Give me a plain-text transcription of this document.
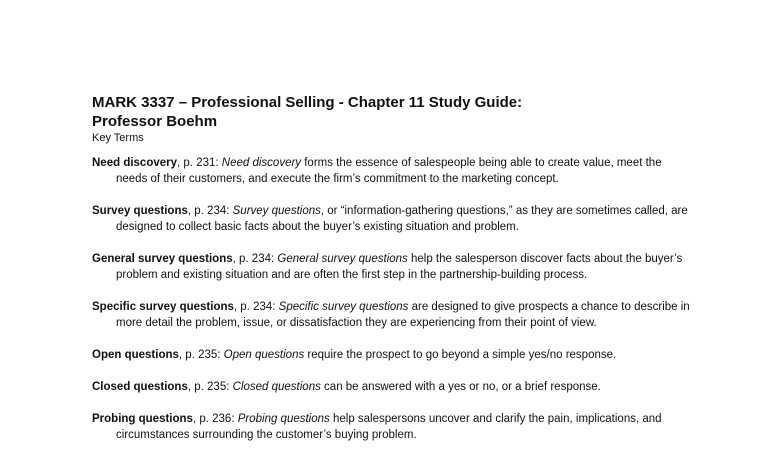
MARK 3337 – Professional Selling - Chapter 11 Study Guide:

Professor Boehm

Key Terms

Need discovery, p. 231: Need discovery forms the essence of salespeople being able to create value, meet the needs of their customers, and execute the firm’s commitment to the marketing concept.

Survey questions, p. 234: Survey questions, or “information-gathering questions,” as they are sometimes called, are designed to collect basic facts about the buyer’s existing situation and problem.

General survey questions, p. 234: General survey questions help the salesperson discover facts about the buyer’s problem and existing situation and are often the first step in the partnership-building process.

Specific survey questions, p. 234: Specific survey questions are designed to give prospects a chance to describe in more detail the problem, issue, or dissatisfaction they are experiencing from their point of view.

Open questions, p. 235: Open questions require the prospect to go beyond a simple yes/no response.

Closed questions, p. 235: Closed questions can be answered with a yes or no, or a brief response.

Probing questions, p. 236: Probing questions help salespersons uncover and clarify the pain, implications, and circumstances surrounding the customer’s buying problem.
